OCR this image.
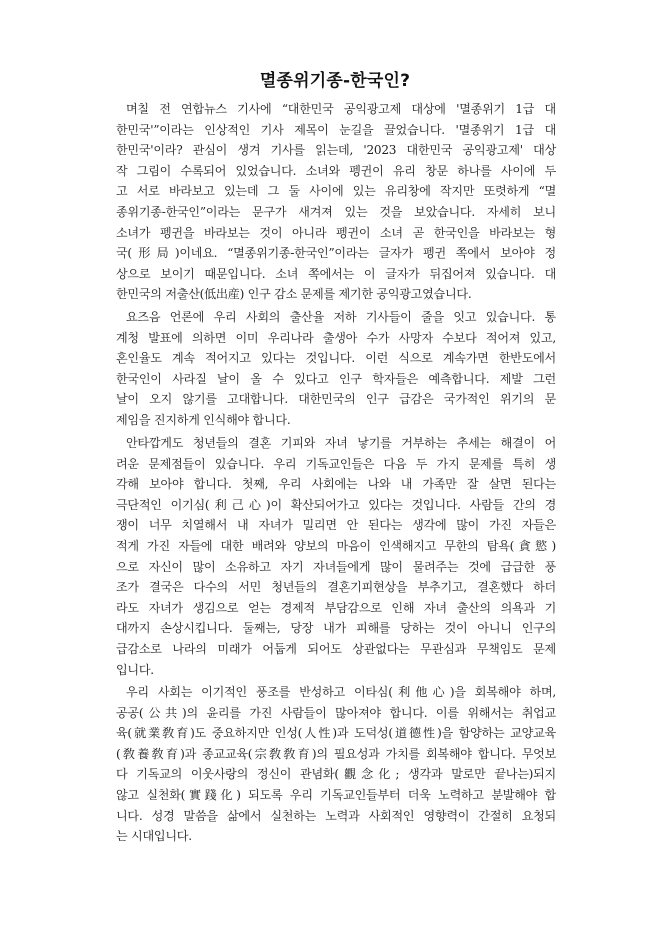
멸종위기종-한국인?
며칠 전 연합뉴스 기사에 “대한민국 공익광고제 대상에 '멸종위기 1급 대
한민국'”이라는 인상적인 기사 제목이 눈길을 끌었습니다. '멸종위기 1급 대
한민국'이라? 관심이 생겨 기사를 읽는데, '2023 대한민국 공익광고제' 대상
작 그림이 수록되어 있었습니다. 소녀와 펭귄이 유리 창문 하나를 사이에 두
고 서로 바라보고 있는데 그 둘 사이에 있는 유리창에 작지만 또렷하게 “멸
종위기종-한국인”이라는 문구가 새겨져 있는 것을 보았습니다. 자세히 보니
소녀가 펭귄을 바라보는 것이 아니라 펭귄이 소녀 곧 한국인을 바라보는 형
국(形局)이네요. “멸종위기종-한국인”이라는 글자가 펭귄 쪽에서 보아야 정
상으로 보이기 때문입니다. 소녀 쪽에서는 이 글자가 뒤집어져 있습니다. 대
한민국의 저출산(低出産) 인구 감소 문제를 제기한 공익광고였습니다.
요즈음 언론에 우리 사회의 출산율 저하 기사들이 줄을 잇고 있습니다. 통
계청 발표에 의하면 이미 우리나라 출생아 수가 사망자 수보다 적어져 있고,
혼인율도 계속 적어지고 있다는 것입니다. 이런 식으로 계속가면 한반도에서
한국인이 사라질 날이 올 수 있다고 인구 학자들은 예측합니다. 제발 그런
날이 오지 않기를 고대합니다. 대한민국의 인구 급감은 국가적인 위기의 문
제임을 진지하게 인식해야 합니다.
안타깝게도 청년들의 결혼 기피와 자녀 낳기를 거부하는 추세는 해결이 어
려운 문제점들이 있습니다. 우리 기독교인들은 다음 두 가지 문제를 특히 생
각해 보아야 합니다. 첫째, 우리 사회에는 나와 내 가족만 잘 살면 된다는
극단적인 이기심(利己心)이 확산되어가고 있다는 것입니다. 사람들 간의 경
쟁이 너무 치열해서 내 자녀가 밀리면 안 된다는 생각에 많이 가진 자들은
적게 가진 자들에 대한 배려와 양보의 마음이 인색해지고 무한의 탐욕(貪慾)
으로 자신이 많이 소유하고 자기 자녀들에게 많이 물려주는 것에 급급한 풍
조가 결국은 다수의 서민 청년들의 결혼기피현상을 부추기고, 결혼했다 하더
라도 자녀가 생김으로 얻는 경제적 부담감으로 인해 자녀 출산의 의욕과 기
대까지 손상시킵니다. 둘째는, 당장 내가 피해를 당하는 것이 아니니 인구의
급감소로 나라의 미래가 어둡게 되어도 상관없다는 무관심과 무책임도 문제
입니다.
우리 사회는 이기적인 풍조를 반성하고 이타심(利他心)을 회복해야 하며,
공공(公共)의 윤리를 가진 사람들이 많아져야 합니다. 이를 위해서는 취업교
육(就業敎育)도 중요하지만 인성(人性)과 도덕성(道德性)을 함양하는 교양교육
(敎養敎育)과 종교교육(宗敎敎育)의 필요성과 가치를 회복해야 합니다. 무엇보
다 기독교의 이웃사랑의 정신이 관념화(觀念化; 생각과 말로만 끝나는)되지
않고 실천화(實踐化) 되도록 우리 기독교인들부터 더욱 노력하고 분발해야 합
니다. 성경 말씀을 삶에서 실천하는 노력과 사회적인 영향력이 간절히 요청되
는 시대입니다.
